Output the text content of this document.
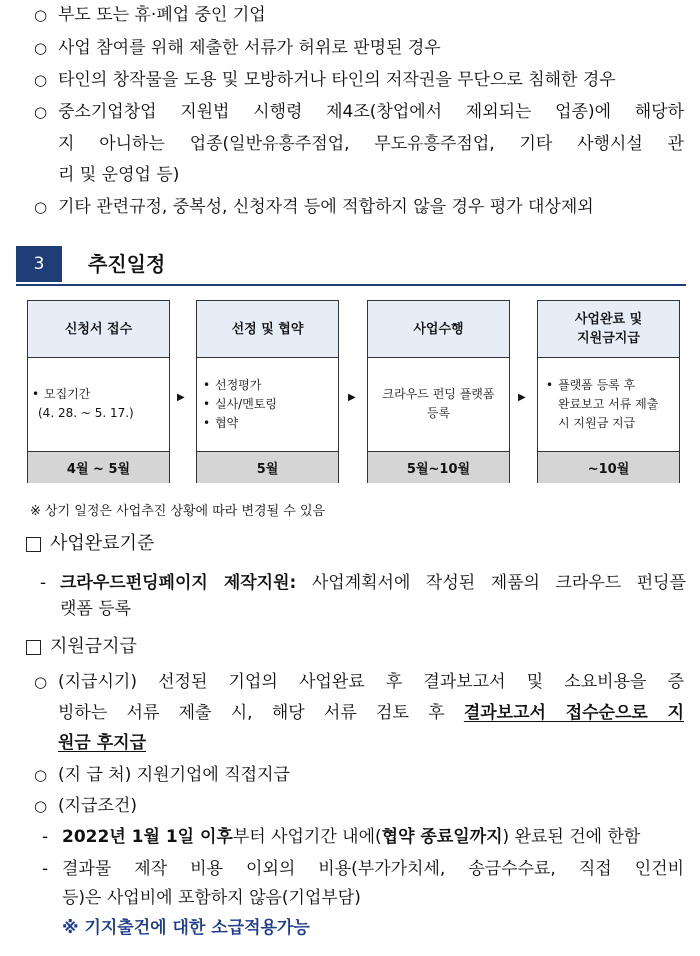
○ 부도 또는 휴·폐업 중인 기업
○ 사업 참여를 위해 제출한 서류가 허위로 판명된 경우
○ 타인의 창작물을 도용 및 모방하거나 타인의 저작권을 무단으로 침해한 경우
○ 중소기업창업 지원법 시행령 제4조(창업에서 제외되는 업종)에 해당하
지 아니하는 업종(일반유흥주점업, 무도유흥주점업, 기타 사행시설 관
리 및 운영업 등)
○ 기타 관련규정, 중복성, 신청자격 등에 적합하지 않을 경우 평가 대상제외
3	추진일정
신청서 접수
• 모집기간
(4. 28. ~ 5. 17.)
4월 ~ 5월
▶
선정 및 협약
• 선정평가
• 실사/멘토링
• 협약
5월
▶
사업수행
크라우드 펀딩 플랫폼 등록
5월~10월
▶
사업완료 및
지원금지급
• 플랫폼 등록 후 완료보고 서류 제출 시 지원금 지급
~10월
※ 상기 일정은 사업추진 상황에 따라 변경될 수 있음
사업완료기준
- 크라우드펀딩페이지 제작지원: 사업계획서에 작성된 제품의 크라우드 펀딩플
랫폼 등록
지원금지급
○ (지급시기) 선정된 기업의 사업완료 후 결과보고서 및 소요비용을 증
빙하는 서류 제출 시, 해당 서류 검토 후 결과보고서 접수순으로 지
원금 후지급
○ (지 급 처) 지원기업에 직접지급
○ (지급조건)
- 2022년 1월 1일 이후부터 사업기간 내에(협약 종료일까지) 완료된 건에 한함
- 결과물 제작 비용 이외의 비용(부가가치세, 송금수수료, 직접 인건비
등)은 사업비에 포함하지 않음(기업부담)
※ 기지출건에 대한 소급적용가능
